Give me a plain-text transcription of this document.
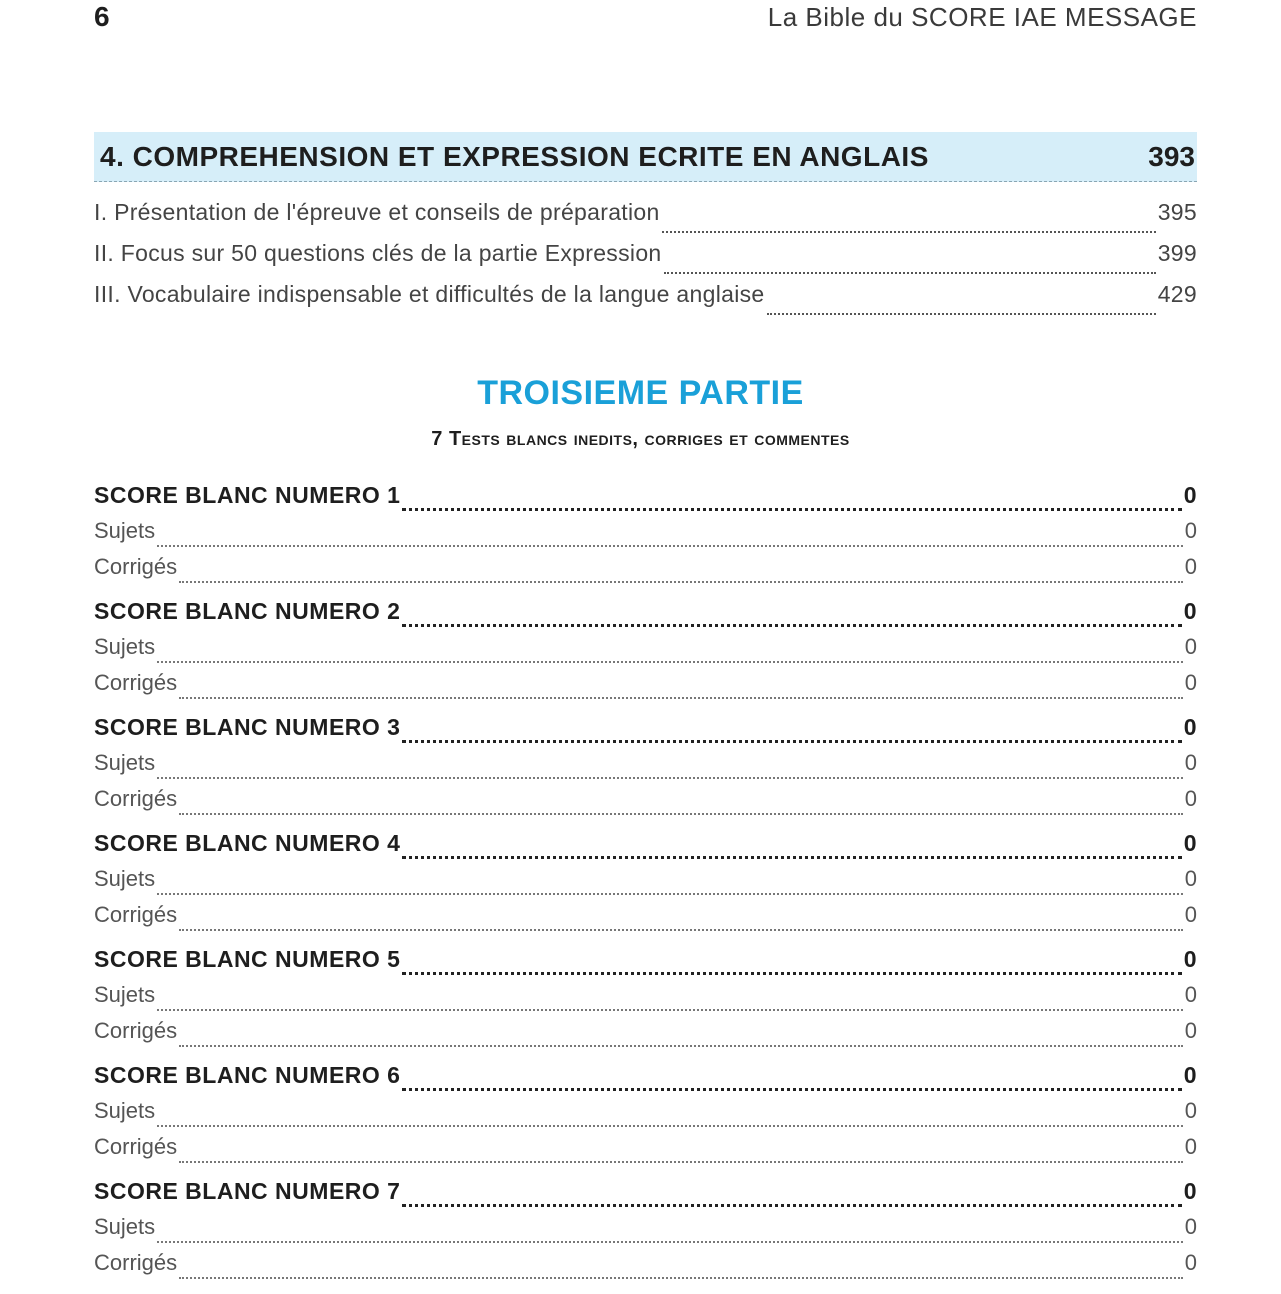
6	La Bible du SCORE IAE MESSAGE
4. COMPREHENSION ET EXPRESSION ECRITE EN ANGLAIS	393
I. Présentation de l'épreuve et conseils de préparation	395
II. Focus sur 50 questions clés de la partie Expression	399
III. Vocabulaire indispensable et difficultés de la langue anglaise	429
TROISIEME PARTIE
7 Tests blancs inedits, corriges et commentes
SCORE BLANC NUMERO 1	0
Sujets	0
Corrigés	0
SCORE BLANC NUMERO 2	0
Sujets	0
Corrigés	0
SCORE BLANC NUMERO 3	0
Sujets	0
Corrigés	0
SCORE BLANC NUMERO 4	0
Sujets	0
Corrigés	0
SCORE BLANC NUMERO 5	0
Sujets	0
Corrigés	0
SCORE BLANC NUMERO 6	0
Sujets	0
Corrigés	0
SCORE BLANC NUMERO 7	0
Sujets	0
Corrigés	0
